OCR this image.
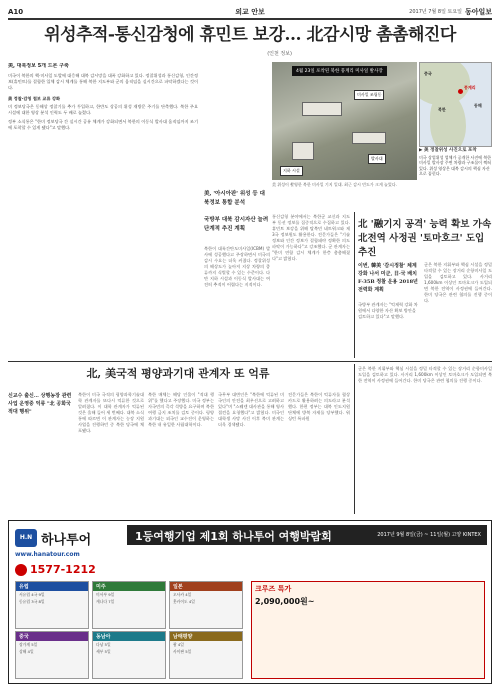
A10	외교 안보	2017년 7월 8일 토요일 동아일보
위성추적-통신감청에 휴민트 보강… 北감시망 촘촘해진다
(인천 정보)
美, 대북정보 5개 드론 구축

미국이 북한의 핵·미사일 도발에 대응해 대북 감시망을 대폭 강화하고 있다. 정찰위성과 통신감청, 인간정보(휴민트)를 결합한 입체 감시 체계를 통해 북한 지도부와 군의 움직임을 실시간으로 파악하겠다는 것이다.

美 정찰·감청 첩보 교류 강화

미 정보당국은 동해상 정찰기를 추가 투입하고, 한반도 상공의 위성 재방문 주기를 단축했다. 북한 주요 시설에 대한 영상 분석 인력도 두 배로 늘렸다.

정부 소식통은 "한미 정보당국 간 실시간 공유 체계가 강화되면서 북한의 이동식 발사대 움직임까지 조기에 포착할 수 있게 됐다"고 말했다.

美, '아시아판' 위성 등 대북정보 통합 분석
국방부 대북 감시자산 늘려 단계적 추진 계획
4월 23일 포착된 북한 풍계리 미사일 발사장
미사일 조립동
발사대
지하 시설
중국
북한
동해
풍계리
▶ 美 정찰위성 사진으로 포착
미국 상업위성 업체가 공개한 사진에 북한 미사일 발사장 주변 차량과 구조물이 찍혀 있다. 위성 영상은 대북 감시의 핵심 자산으로 꼽힌다.
美 위성이 촬영한 북한 미사일 기지 일대. 최근 감시 빈도가 크게 늘었다.
북한이 대륙간탄도미사일(ICBM) 발사에 성공했다고 주장하면서 미국의 감시 수요는 더욱 커졌다. 정찰위성의 해상도가 높아져 지상 차량의 종류까지 식별할 수 있는 수준이다. 다만 지하 시설과 이동식 발사대는 여전히 추적이 어렵다는 지적이다.
통신감청 분야에서는 북한군 교신과 지도부 동선 정보를 집중적으로 수집하고 있다. 휴민트 보강을 위해 탈북민 네트워크와 제3국 정보원도 활용한다. 전문가들은 "기술 정보와 인간 정보가 결합돼야 정확한 의도 파악이 가능하다"고 강조했다. 군 관계자는 "한미 연합 감시 체계가 한층 촘촘해졌다"고 밝혔다.
北 '融기지 공격' 능력 확보 가속 北전역 사정권 '토마호크' 도입 추진
이번, 韓美 '감시정찰' 체계 강화 나서 미군, 日·국 배치 F-35B 정찰 운용 2018년 전력화 계획
군은 북한 지휘부와 핵심 시설을 정밀 타격할 수 있는 장거리 순항미사일 도입을 검토하고 있다. 사거리 1,600km 이상인 토마호크가 도입되면 북한 전역이 사정권에 들어간다. 한미 당국은 관련 협의를 진행 중이다.
국방부 관계자는 "억제력 강화 차원에서 다양한 자산 확보 방안을 검토하고 있다"고 말했다.
北, 美국적 평양과기대 관계자 또 억류
신교수 출신… 상행농장 관련 사업 운영중 억류 "北 공화국 적대 행위"
북한이 미국 국적의 평양과학기술대학 관계자를 또다시 억류한 것으로 알려졌다. 이 대학 관계자가 억류된 것은 올해 들어 세 번째다. 대북 소식통에 따르면 이 관계자는 농장 지원 사업을 진행하던 중 북한 당국에 체포됐다.
북한 매체는 해당 인물이 "적대 행위"를 했다고 주장했다. 미국 정부는 자국민의 즉각 석방을 요구하며 북한 여행 금지 조치를 검토 중이다. 평양과기대는 외국인 교수진이 운영하는 북한 내 유일한 사립대학이다.
국무부 대변인은 "북한에 억류된 미국인의 안전을 최우선으로 고려하고 있다"며 "스웨덴 대사관을 통해 영사 접견을 요청했다"고 밝혔다. 미국인 대학생 사망 사건 이후 북미 관계는 더욱 경색됐다.
전문가들은 북한이 억류자를 협상 카드로 활용하려는 의도라고 분석했다. 한편 정부는 대북 인도지원 단체에 방북 자제를 당부했다. 워싱턴 특파원
군은 북한 지휘부와 핵심 시설을 정밀 타격할 수 있는 장거리 순항미사일 도입을 검토하고 있다. 사거리 1,600km 이상인 토마호크가 도입되면 북한 전역이 사정권에 들어간다. 한미 당국은 관련 협의를 진행 중이다.
H.N 하나투어
www.hanatour.com
1577-1212
1등여행기업 제1회 하나투어 여행박람회	2017년 9월 8일(금) ~ 11일(월) 고양 KINTEX
유럽
서유럽 4국 9일
동유럽 3국 8일
미주
미서부 9일
캐나다 7일
일본
오사카 4일
홋카이도 4일
중국
장가계 5일
상해 4일
동남아
다낭 5일
세부 5일
남태평양
괌 4일
사이판 5일
크루즈 특가
2,090,000원~
